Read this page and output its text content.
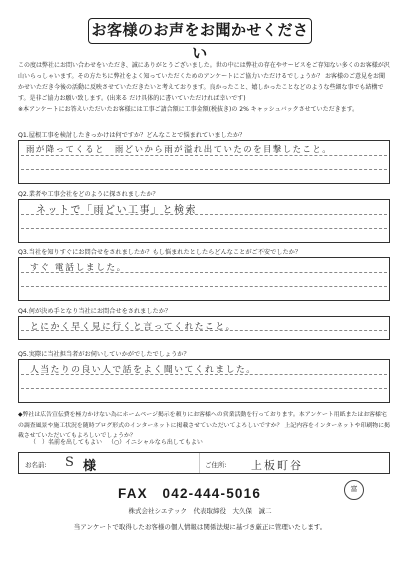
お客様のお声をお聞かせください
この度は弊社にお問い合わせをいただき、誠にありがとうございました。世の中には弊社の存在やサービスをご存知ない多くのお客様が沢山いらっしゃいます。その方たちに弊社をよく知っていただくためのアンケートにご協力いただけるでしょうか？ お客様のご意見をお聞かせいただき今後の活動に反映させていただきたいと考えております。良かったこと、嬉しかったことなどのような些細な事でも結構です。是非ご協力お願い致します。(出来る だけ具体的に書いていただければ幸いです)
※本アンケートにお答えいただいたお客様には工事ご請合額に工事金額(税抜き)の 2% キャッシュバックさせていただきます。
Q1.屋根工事を検討したきっかけは何ですか？どんなことで悩まれていましたか？
雨が降ってくると　雨どいから雨が溢れ出ていたのを目撃したこと。
Q2.業者や工事会社をどのように探されましたか？
ネットで「雨どい工事」と検索
Q3.当社を知りすぐにお問合せをされましたか？もし悩まれたとしたらどんなことがご不安でしたか？
すぐ 電話しました。
Q4.何が決め手となり当社にお問合せをされましたか？
とにかく早く見に行くと言ってくれたこと。
Q5.実際に当社担当者がお伺いしていかがでしたでしょうか？
人当たりの良い人で話をよく聞いてくれました。
◆弊社は広告宣伝費を極力かけない為にホームページ掲示を頼りにお客様への営業活動を行っております。本アンケート用紙またはお客様宅の調査風景や施工状況を随時ブログ形式のインターネットに掲載させていただいてよろしいですか？ 上記内容をインターネットや印刷物に掲載させていただいてもよろしいでしょうか？
（　）名前を出してもよい （○）イニシャルなら出してもよい
お名前: S 様	ご住所: 上板町谷
FAX　042-444-5016	富
株式会社シエテック　代表取締役　大久保　誠二
当アンケートで取得したお客様の個人情報は関係法規に基づき厳正に管理いたします。
